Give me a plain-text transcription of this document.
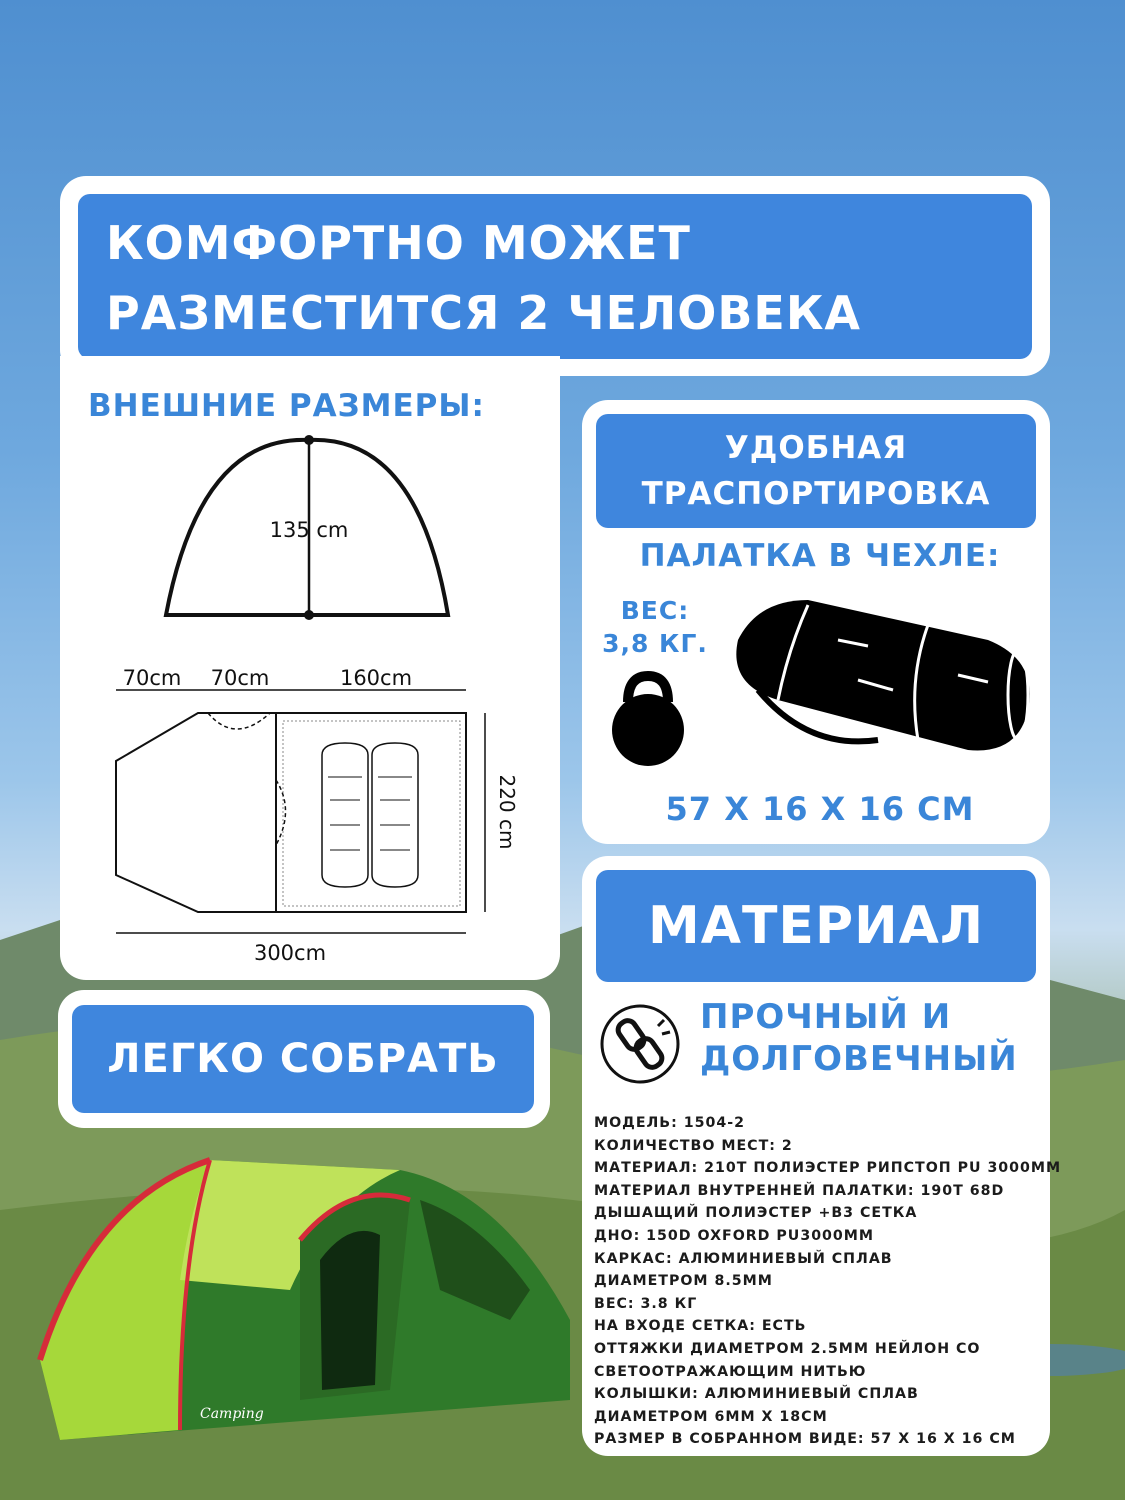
КОМФОРТНО МОЖЕТ
РАЗМЕСТИТСЯ 2 ЧЕЛОВЕКА
ВНЕШНИЕ РАЗМЕРЫ:
135 cm
70cm 70cm	160cm
220 cm
300cm
ЛЕГКО СОБРАТЬ
УДОБНАЯ
ТРАСПОРТИРОВКА
ПАЛАТКА В ЧЕХЛЕ:
ВЕС:
3,8 КГ.
57 Х 16 Х 16 СМ
МАТЕРИАЛ
ПРОЧНЫЙ И
ДОЛГОВЕЧНЫЙ
МОДЕЛЬ: 1504-2
КОЛИЧЕСТВО МЕСТ: 2
МАТЕРИАЛ: 210Т ПОЛИЭСТЕР РИПСТОП PU 3000ММ
МАТЕРИАЛ ВНУТРЕННЕЙ ПАЛАТКИ: 190Т 68D
ДЫШАЩИЙ ПОЛИЭСТЕР +B3 СЕТКА
ДНО: 150D OXFORD PU3000ММ
КАРКАС: АЛЮМИНИЕВЫЙ СПЛАВ
ДИАМЕТРОМ 8.5ММ
ВЕС: 3.8 КГ
НА ВХОДЕ СЕТКА: ЕСТЬ
ОТТЯЖКИ ДИАМЕТРОМ 2.5ММ НЕЙЛОН СО
СВЕТООТРАЖАЮЩИМ НИТЬЮ
КОЛЫШКИ: АЛЮМИНИЕВЫЙ СПЛАВ
ДИАМЕТРОМ 6ММ Х 18СМ
РАЗМЕР В СОБРАННОМ ВИДЕ: 57 Х 16 Х 16 СМ
Camping
